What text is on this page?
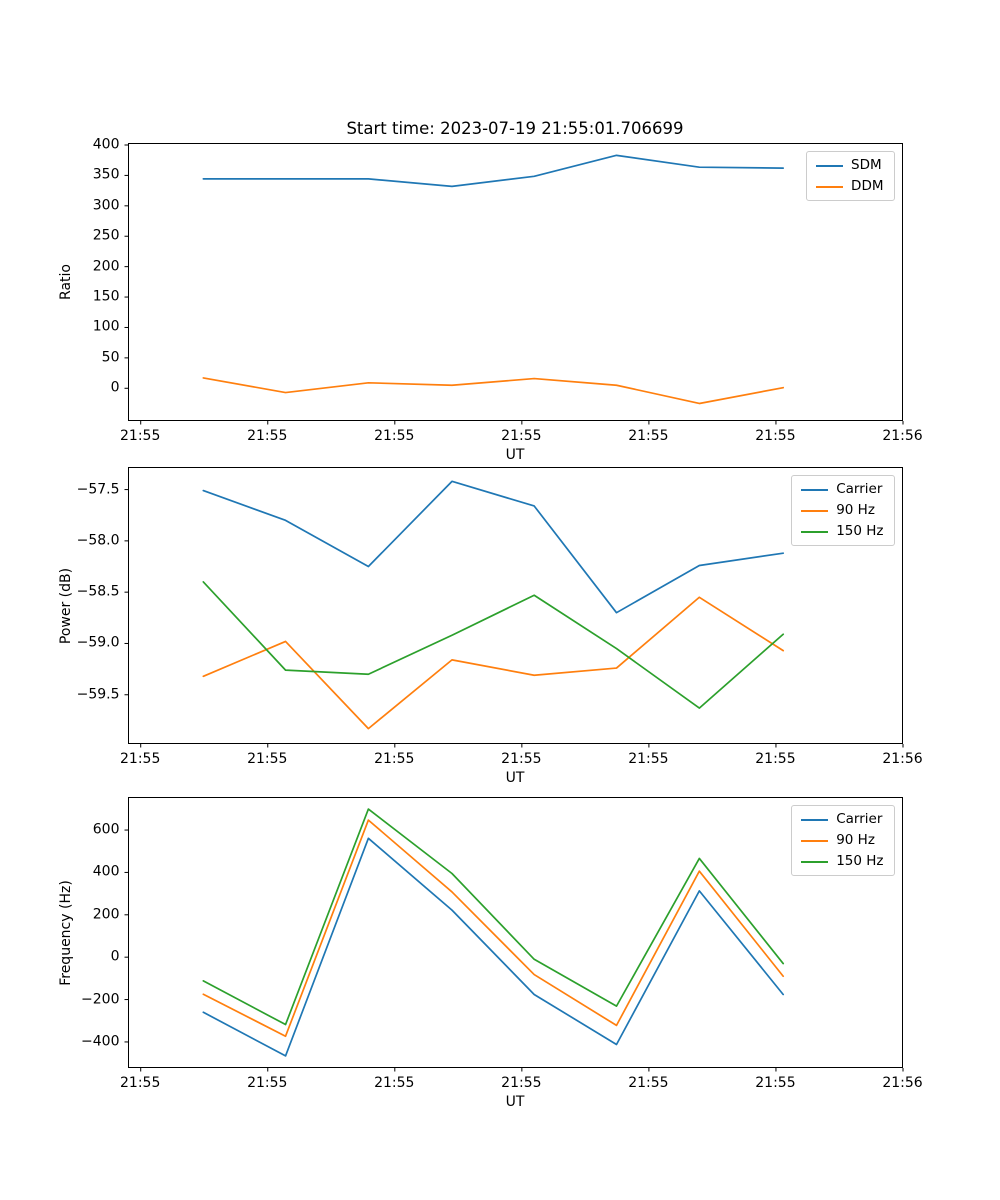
Start time: 2023-07-19 21:55:01.706699
SDM
DDM
UT
Ratio
21:55	21:55	21:55	21:55	21:55	21:55	21:56
0
50
100
150
200
250
300
350
400
Carrier
90 Hz
150 Hz
UT
Power (dB)
21:55	21:55	21:55	21:55	21:55	21:55	21:56
−59.5
−59.0
−58.5
−58.0
−57.5
Carrier
90 Hz
150 Hz
UT
Frequency (Hz)
21:55	21:55	21:55	21:55	21:55	21:55	21:56
−400
−200
0
200
400
600
